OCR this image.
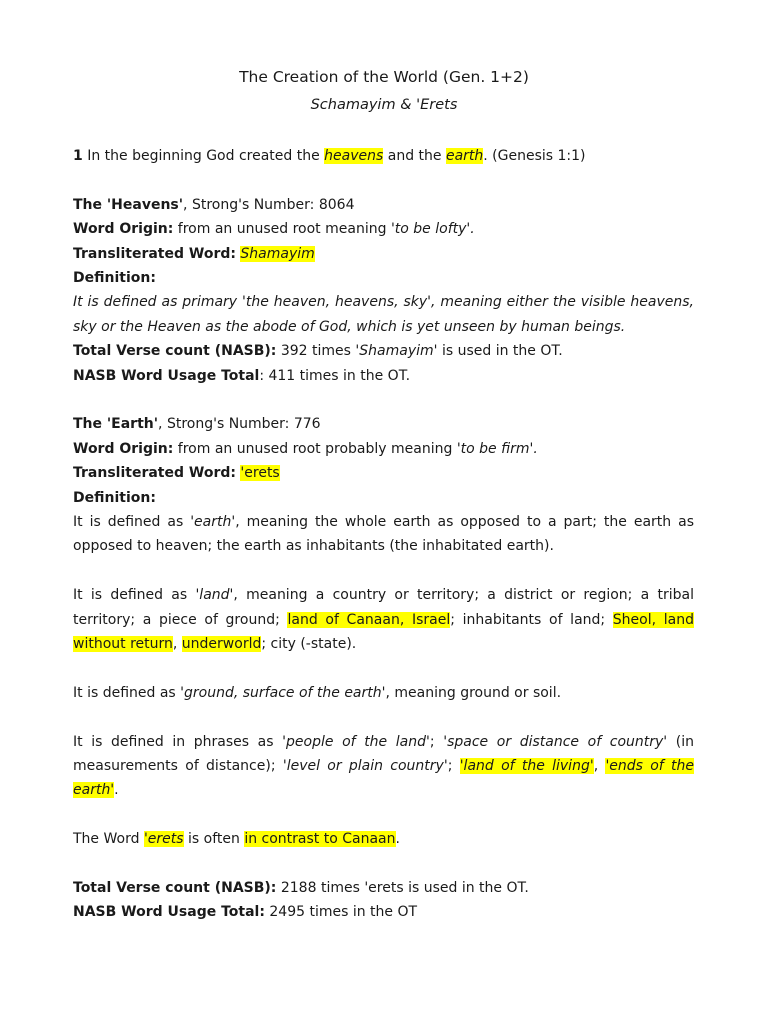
The Creation of the World (Gen. 1+2)
Schamayim & 'Erets

1 In the beginning God created the heavens and the earth. (Genesis 1:1)

The 'Heavens', Strong's Number: 8064

Word Origin: from an unused root meaning 'to be lofty'.

Transliterated Word: Shamayim

Definition:

It is defined as primary 'the heaven, heavens, sky', meaning either the visible heavens, sky or the Heaven as the abode of God, which is yet unseen by human beings.

Total Verse count (NASB): 392 times 'Shamayim' is used in the OT.

NASB Word Usage Total: 411 times in the OT.

The 'Earth', Strong's Number: 776

Word Origin: from an unused root probably meaning 'to be firm'.

Transliterated Word: 'erets

Definition:

It is defined as 'earth', meaning the whole earth as opposed to a part; the earth as opposed to heaven; the earth as inhabitants (the inhabitated earth).

It is defined as 'land', meaning a country or territory; a district or region; a tribal territory; a piece of ground; land of Canaan, Israel; inhabitants of land; Sheol, land without return, underworld; city (-state).

It is defined as 'ground, surface of the earth', meaning ground or soil.

It is defined in phrases as 'people of the land'; 'space or distance of country' (in measurements of distance); 'level or plain country'; 'land of the living', 'ends of the earth'.

The Word 'erets is often in contrast to Canaan.

Total Verse count (NASB): 2188 times 'erets is used in the OT.

NASB Word Usage Total: 2495 times in the OT
